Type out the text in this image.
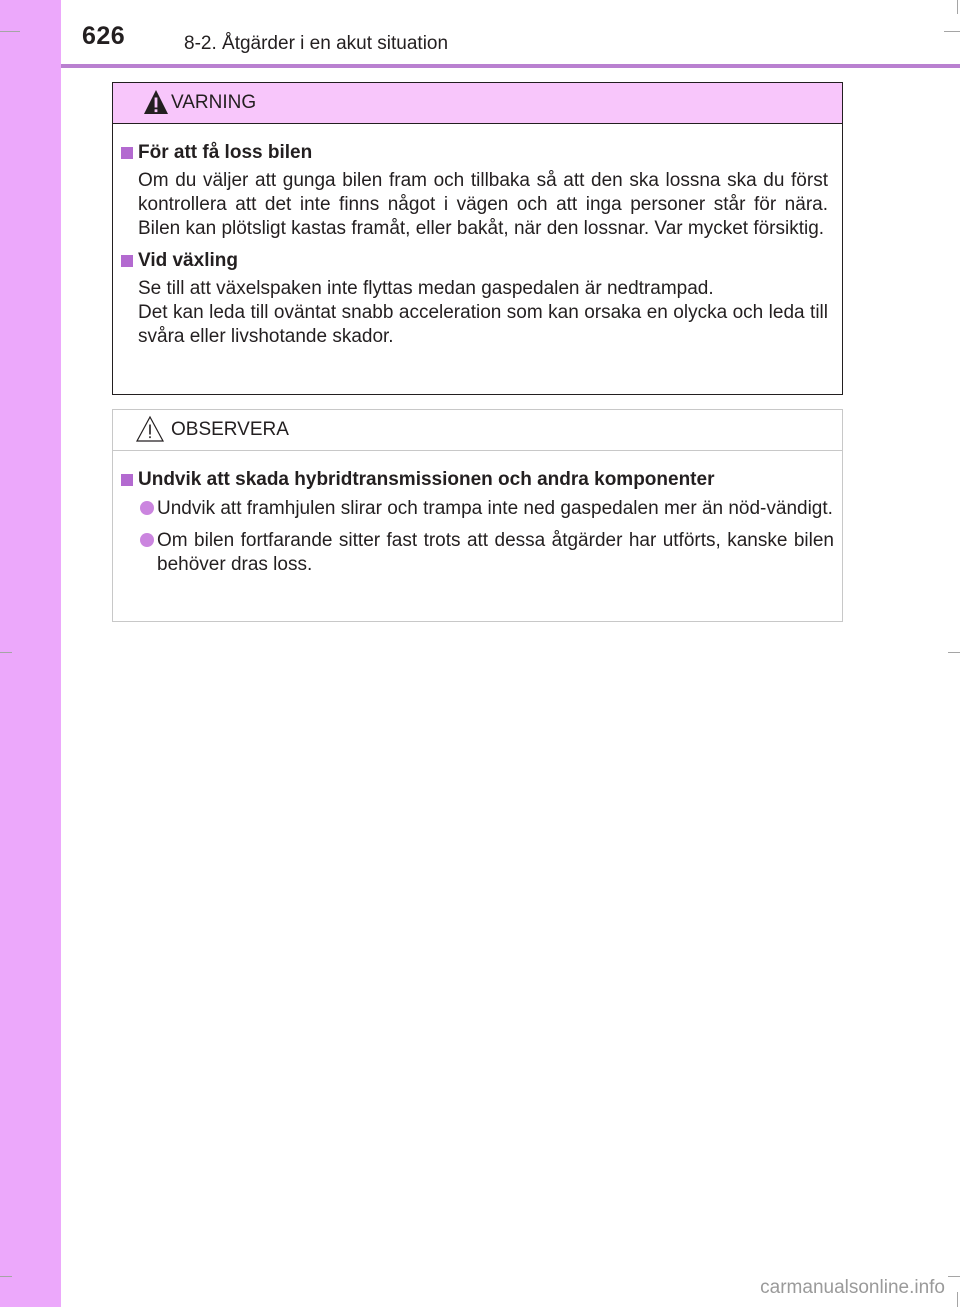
626	8-2. Åtgärder i en akut situation
VARNING
För att få loss bilen

Om du väljer att gunga bilen fram och tillbaka så att den ska lossna ska du först kontrollera att det inte finns något i vägen och att inga personer står för nära. Bilen kan plötsligt kastas framåt, eller bakåt, när den lossnar. Var mycket försiktig.

Vid växling

Se till att växelspaken inte flyttas medan gaspedalen är nedtrampad.

Det kan leda till oväntat snabb acceleration som kan orsaka en olycka och leda till svåra eller livshotande skador.

OBSERVERA
Undvik att skada hybridtransmissionen och andra komponenter
Undvik att framhjulen slirar och trampa inte ned gaspedalen mer än nöd-vändigt.
Om bilen fortfarande sitter fast trots att dessa åtgärder har utförts, kanske bilen behöver dras loss.
carmanualsonline.info
